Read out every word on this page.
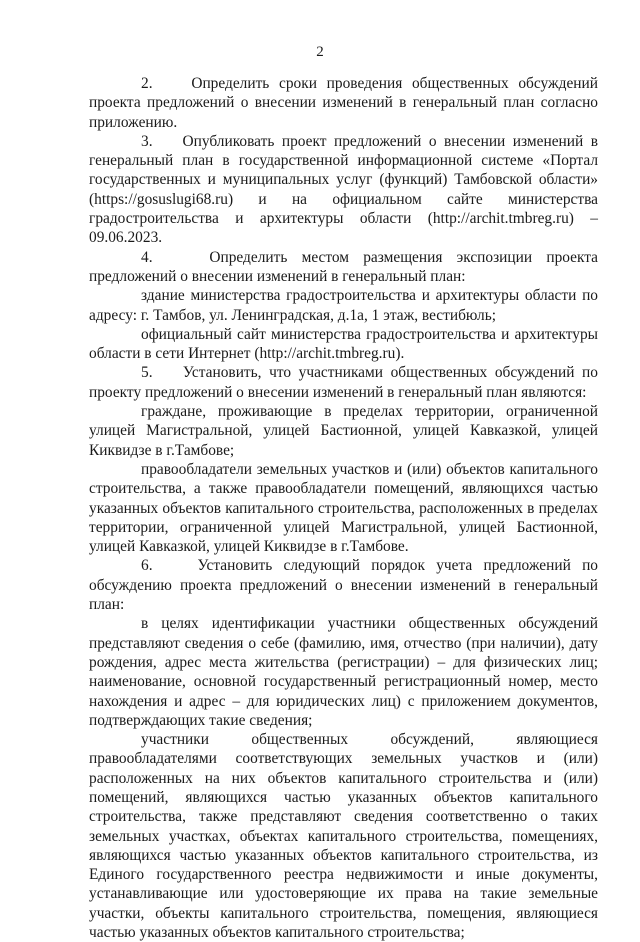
2

2.    Определить сроки проведения общественных обсуждений проекта предложений о внесении изменений в генеральный план согласно приложению.

3.    Опубликовать проект предложений о внесении изменений в генеральный план в государственной информационной системе «Портал государственных и муниципальных услуг (функций) Тамбовской области» (https://gosuslugi68.ru) и на официальном сайте министерства градостроительства и архитектуры области (http://archit.tmbreg.ru) – 09.06.2023.

4.    Определить местом размещения экспозиции проекта предложений о внесении изменений в генеральный план:

здание министерства градостроительства и архитектуры области по адресу: г. Тамбов, ул. Ленинградская, д.1а, 1 этаж, вестибюль;

официальный сайт министерства градостроительства и архитектуры области в сети Интернет (http://archit.tmbreg.ru).

5.    Установить, что участниками общественных обсуждений по проекту предложений о внесении изменений в генеральный план являются:

граждане, проживающие в пределах территории, ограниченной улицей Магистральной, улицей Бастионной, улицей Кавказкой, улицей Киквидзе в г.Тамбове;

правообладатели земельных участков и (или) объектов капитального строительства, а также правообладатели помещений, являющихся частью указанных объектов капитального строительства, расположенных в пределах территории, ограниченной улицей Магистральной, улицей Бастионной, улицей Кавказкой, улицей Киквидзе в г.Тамбове.

6.    Установить следующий порядок учета предложений по обсуждению проекта предложений о внесении изменений в генеральный план:

в целях идентификации участники общественных обсуждений представляют сведения о себе (фамилию, имя, отчество (при наличии), дату рождения, адрес места жительства (регистрации) – для физических лиц; наименование, основной государственный регистрационный номер, место нахождения и адрес – для юридических лиц) с приложением документов, подтверждающих такие сведения;

участники общественных обсуждений, являющиеся правообладателями соответствующих земельных участков и (или) расположенных на них объектов капитального строительства и (или) помещений, являющихся частью указанных объектов капитального строительства, также представляют сведения соответственно о таких земельных участках, объектах капитального строительства, помещениях, являющихся частью указанных объектов капитального строительства, из Единого государственного реестра недвижимости и иные документы, устанавливающие или удостоверяющие их права на такие земельные участки, объекты капитального строительства, помещения, являющиеся частью указанных объектов капитального строительства;
